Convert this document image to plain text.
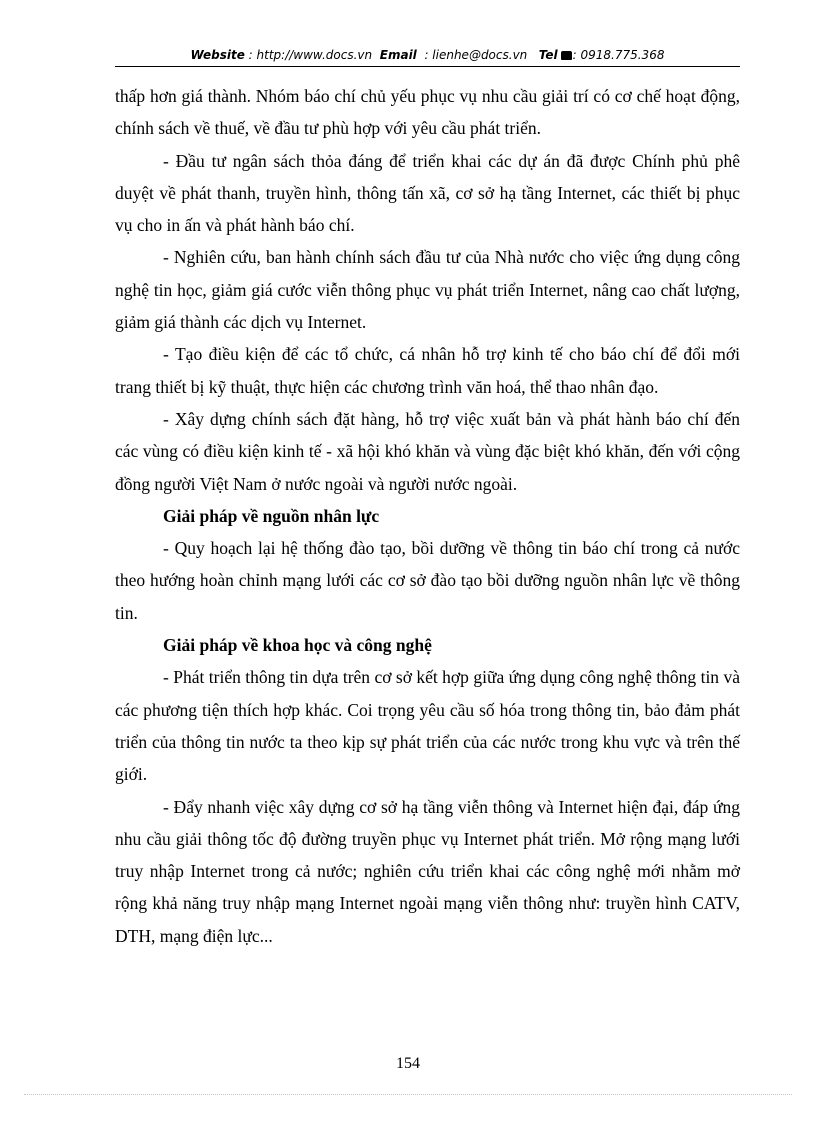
Website : http://www.docs.vn Email : lienhe@docs.vn Tel : 0918.775.368

thấp hơn giá thành. Nhóm báo chí chủ yếu phục vụ nhu cầu giải trí có cơ chế hoạt động, chính sách về thuế, về đầu tư phù hợp với yêu cầu phát triển.

- Đầu tư ngân sách thỏa đáng để triển khai các dự án đã được Chính phủ phê duyệt về phát thanh, truyền hình, thông tấn xã, cơ sở hạ tầng Internet, các thiết bị phục vụ cho in ấn và phát hành báo chí.

- Nghiên cứu, ban hành chính sách đầu tư của Nhà nước cho việc ứng dụng công nghệ tin học, giảm giá cước viễn thông phục vụ phát triển Internet, nâng cao chất lượng, giảm giá thành các dịch vụ Internet.

- Tạo điều kiện để các tổ chức, cá nhân hỗ trợ kinh tế cho báo chí để đổi mới trang thiết bị kỹ thuật, thực hiện các chương trình văn hoá, thể thao nhân đạo.

- Xây dựng chính sách đặt hàng, hỗ trợ việc xuất bản và phát hành báo chí đến các vùng có điều kiện kinh tế - xã hội khó khăn và vùng đặc biệt khó khăn, đến với cộng đồng người Việt Nam ở nước ngoài và người nước ngoài.

Giải pháp về nguồn nhân lực

- Quy hoạch lại hệ thống đào tạo, bồi dưỡng về thông tin báo chí trong cả nước theo hướng hoàn chỉnh mạng lưới các cơ sở đào tạo bồi dưỡng nguồn nhân lực về thông tin.

Giải pháp về khoa học và công nghệ

- Phát triển thông tin dựa trên cơ sở kết hợp giữa ứng dụng công nghệ thông tin và các phương tiện thích hợp khác. Coi trọng yêu cầu số hóa trong thông tin, bảo đảm phát triển của thông tin nước ta theo kịp sự phát triển của các nước trong khu vực và trên thế giới.

- Đẩy nhanh việc xây dựng cơ sở hạ tầng viễn thông và Internet hiện đại, đáp ứng nhu cầu giải thông tốc độ đường truyền phục vụ Internet phát triển. Mở rộng mạng lưới truy nhập Internet trong cả nước; nghiên cứu triển khai các công nghệ mới nhằm mở rộng khả năng truy nhập mạng Internet ngoài mạng viễn thông như: truyền hình CATV, DTH, mạng điện lực...

154
